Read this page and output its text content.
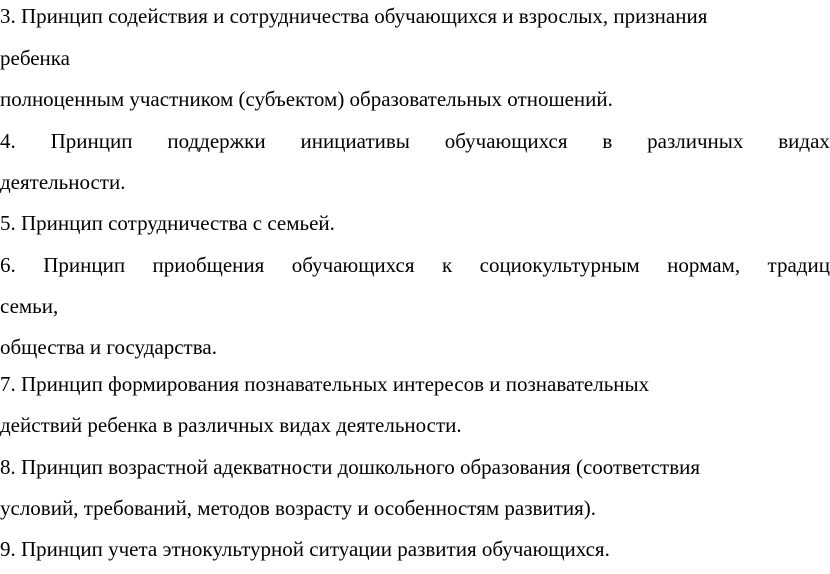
3. Принцип содействия и сотрудничества обучающихся и взрослых, признания
ребенка
полноценным участником (субъектом) образовательных отношений.
4. Принцип поддержки инициативы обучающихся в различных видах
деятельности.
5. Принцип сотрудничества с семьей.
6. Принцип приобщения обучающихся к социокультурным нормам, традиц
семьи,
общества и государства.
7. Принцип формирования познавательных интересов и познавательных
действий ребенка в различных видах деятельности.
8. Принцип возрастной адекватности дошкольного образования (соответствия
условий, требований, методов возрасту и особенностям развития).
9. Принцип учета этнокультурной ситуации развития обучающихся.
